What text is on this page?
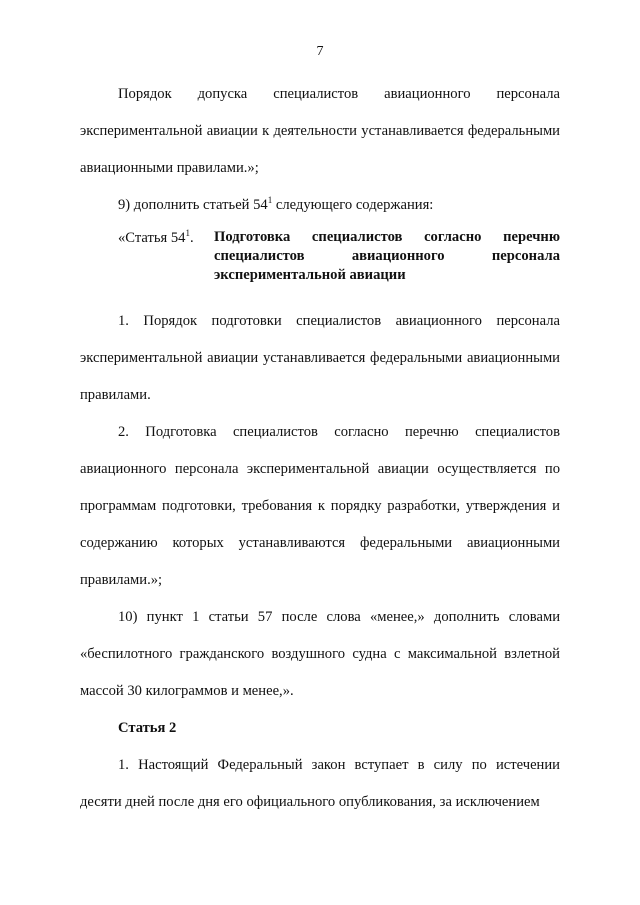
7

Порядок допуска специалистов авиационного персонала экспериментальной авиации к деятельности устанавливается федеральными авиационными правилами.»;

9) дополнить статьей $54^1$ следующего содержания:

«Статья $54^1$.	Подготовка специалистов согласно перечню специалистов авиационного персонала экспериментальной авиации

1. Порядок подготовки специалистов авиационного персонала экспериментальной авиации устанавливается федеральными авиационными правилами.

2. Подготовка специалистов согласно перечню специалистов авиационного персонала экспериментальной авиации осуществляется по программам подготовки, требования к порядку разработки, утверждения и содержанию которых устанавливаются федеральными авиационными правилами.»;

10) пункт 1 статьи 57 после слова «менее,» дополнить словами «беспилотного гражданского воздушного судна с максимальной взлетной массой 30 килограммов и менее,».

Статья 2

1. Настоящий Федеральный закон вступает в силу по истечении десяти дней после дня его официального опубликования, за исключением
